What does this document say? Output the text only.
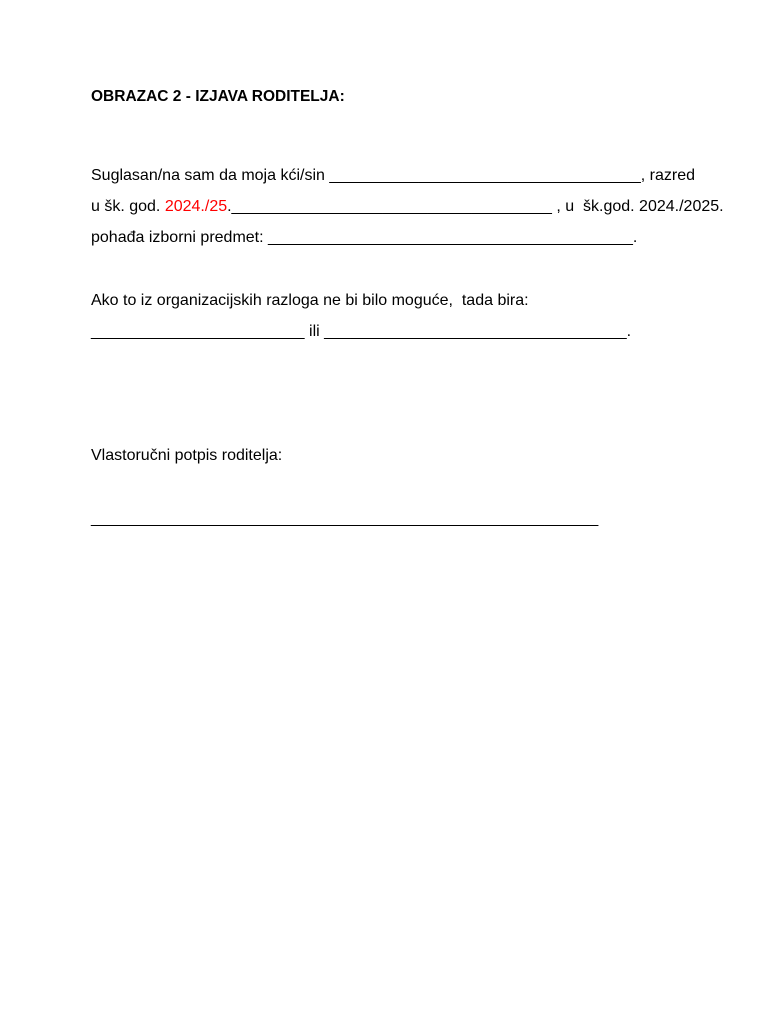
OBRAZAC 2 - IZJAVA RODITELJA:
Suglasan/na sam da moja kći/sin ___________________________________, razred
u šk. god. 2024./25.____________________________________ , u  šk.god. 2024./2025.
pohađa izborni predmet: _________________________________________.
Ako to iz organizacijskih razloga ne bi bilo moguće,  tada bira:
________________________ ili __________________________________.
Vlastoručni potpis roditelja:
_________________________________________________________
